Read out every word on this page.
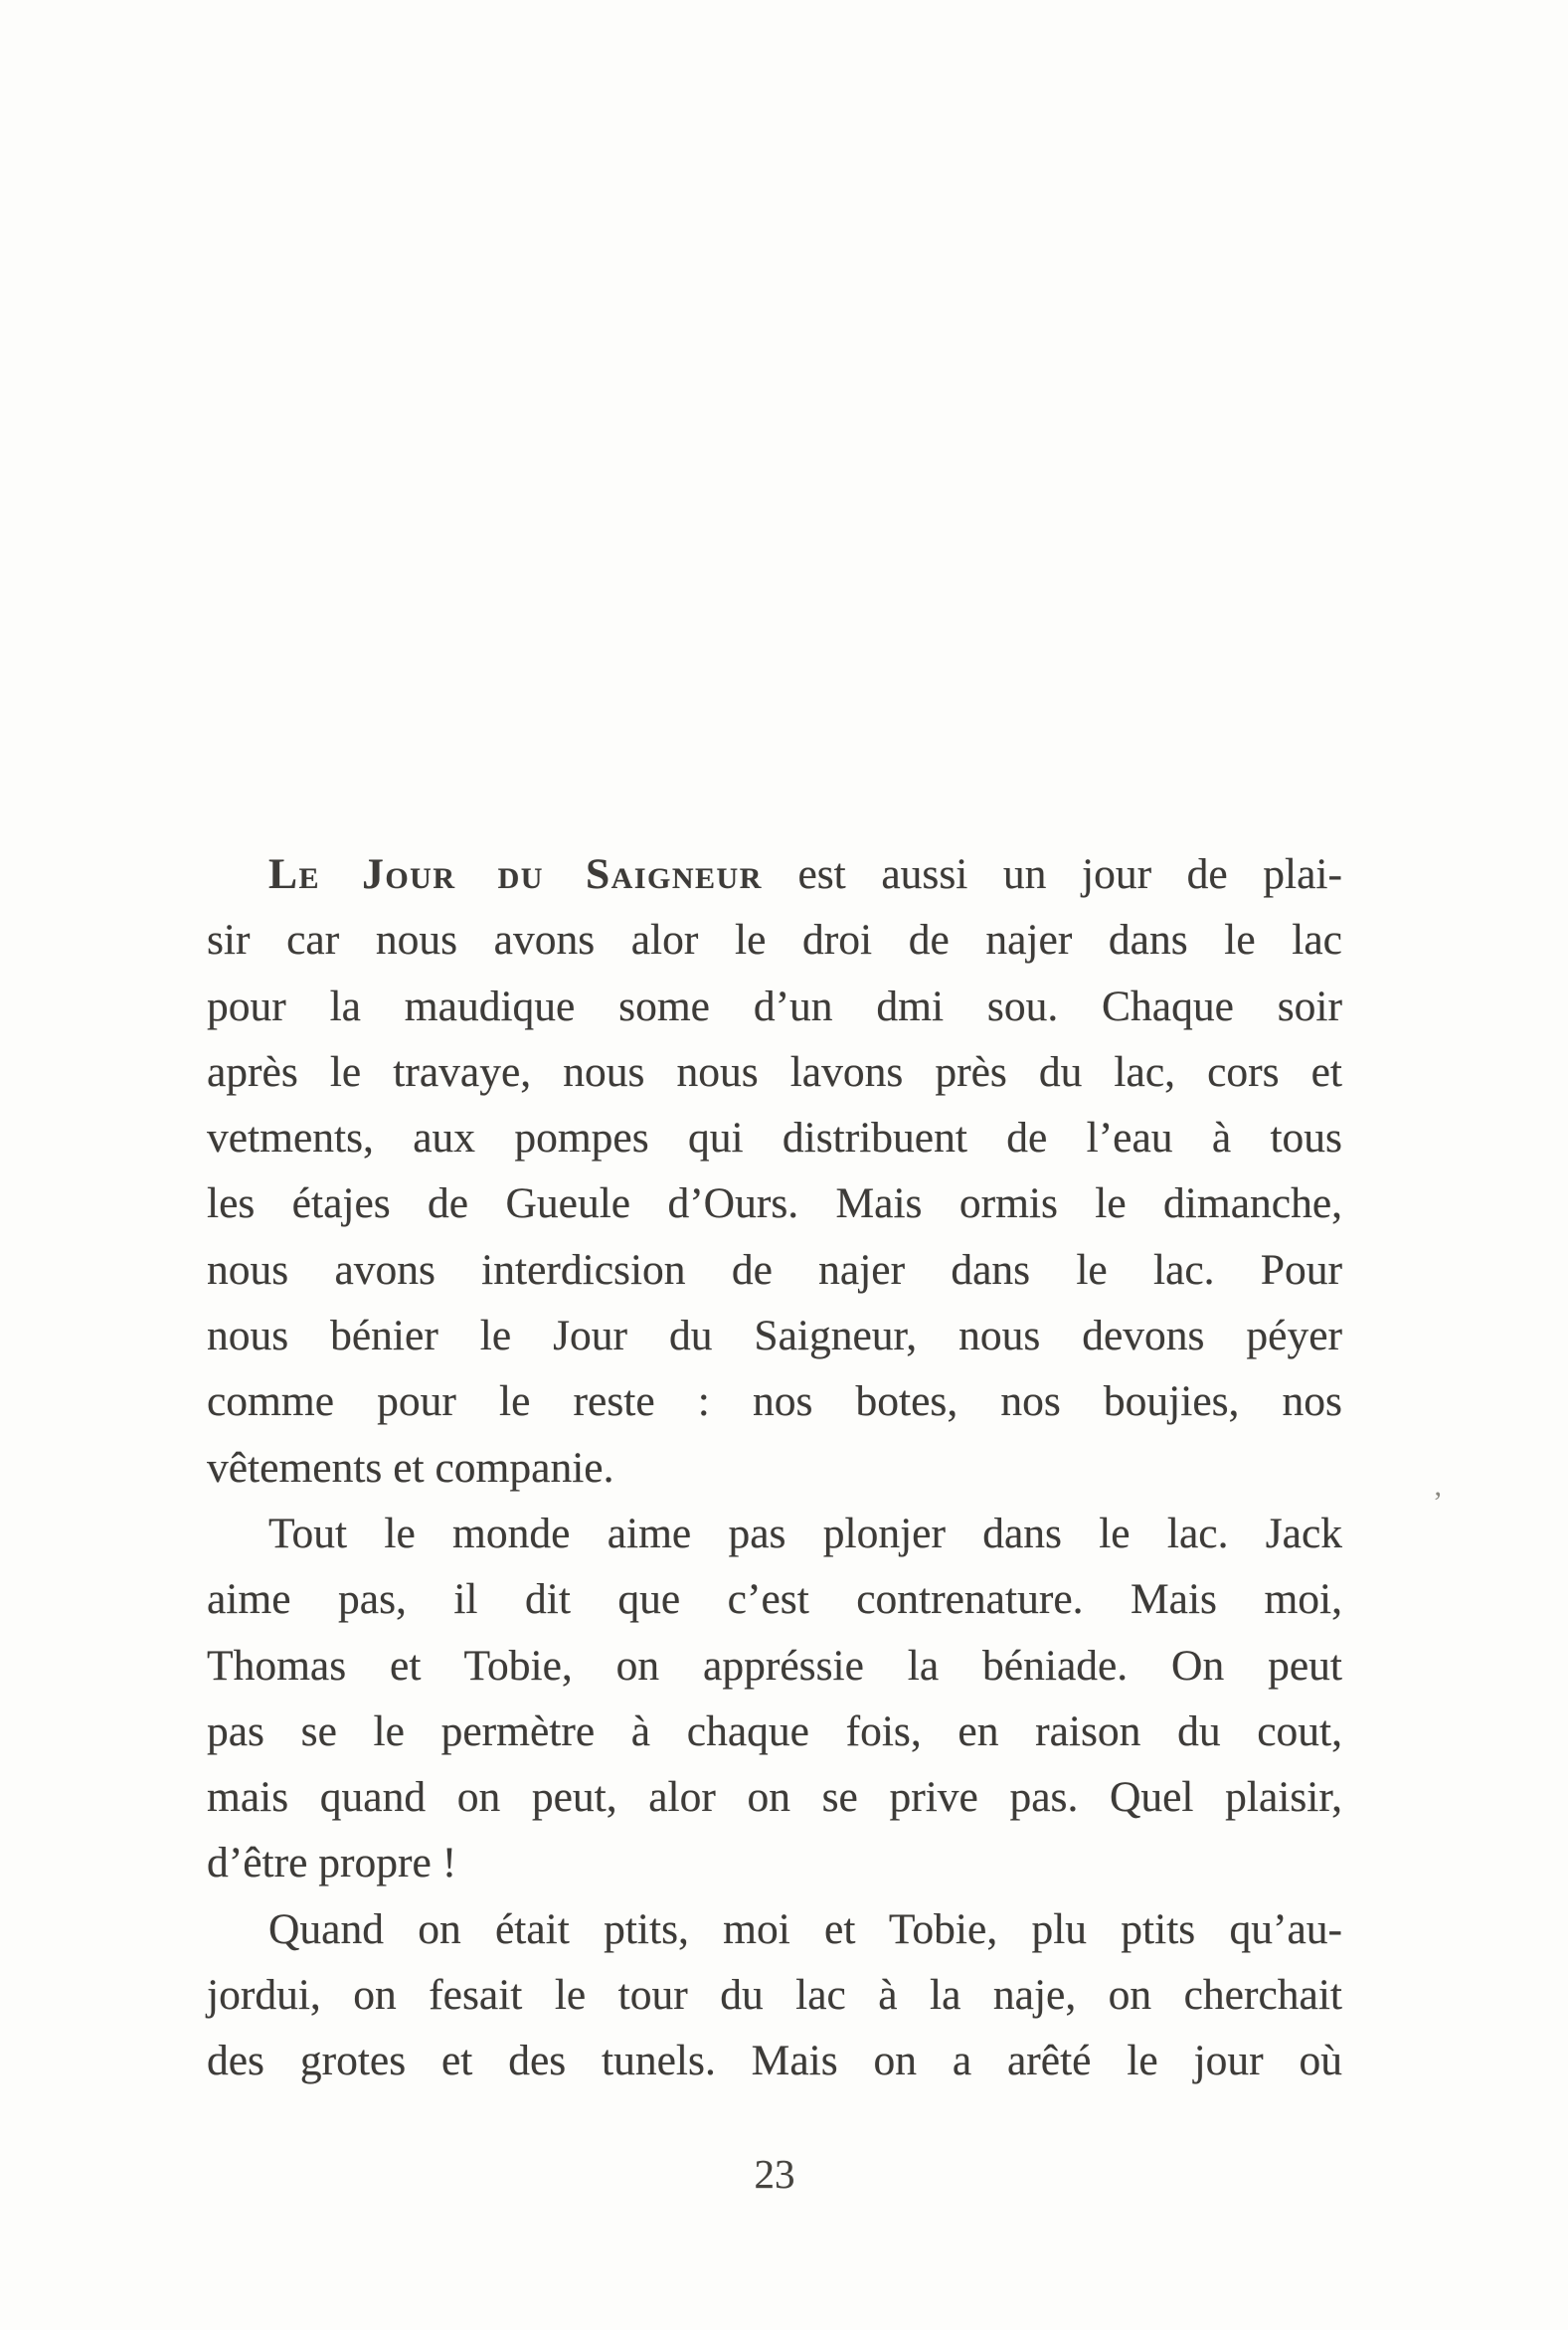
Le Jour du Saigneur est aussi un jour de plai-
sir car nous avons alor le droi de najer dans le lac
pour la maudique some d’un dmi sou. Chaque soir
après le travaye, nous nous lavons près du lac, cors et
vetments, aux pompes qui distribuent de l’eau à tous
les étajes de Gueule d’Ours. Mais ormis le dimanche,
nous avons interdicsion de najer dans le lac. Pour
nous bénier le Jour du Saigneur, nous devons péyer
comme pour le reste : nos botes, nos boujies, nos
vêtements et companie.
Tout le monde aime pas plonjer dans le lac. Jack
aime pas, il dit que c’est contrenature. Mais moi,
Thomas et Tobie, on appréssie la béniade. On peut
pas se le permètre à chaque fois, en raison du cout,
mais quand on peut, alor on se prive pas. Quel plaisir,
d’être propre !
Quand on était ptits, moi et Tobie, plu ptits qu’au-
jordui, on fesait le tour du lac à la naje, on cherchait
des grotes et des tunels. Mais on a arêté le jour où
23
’
